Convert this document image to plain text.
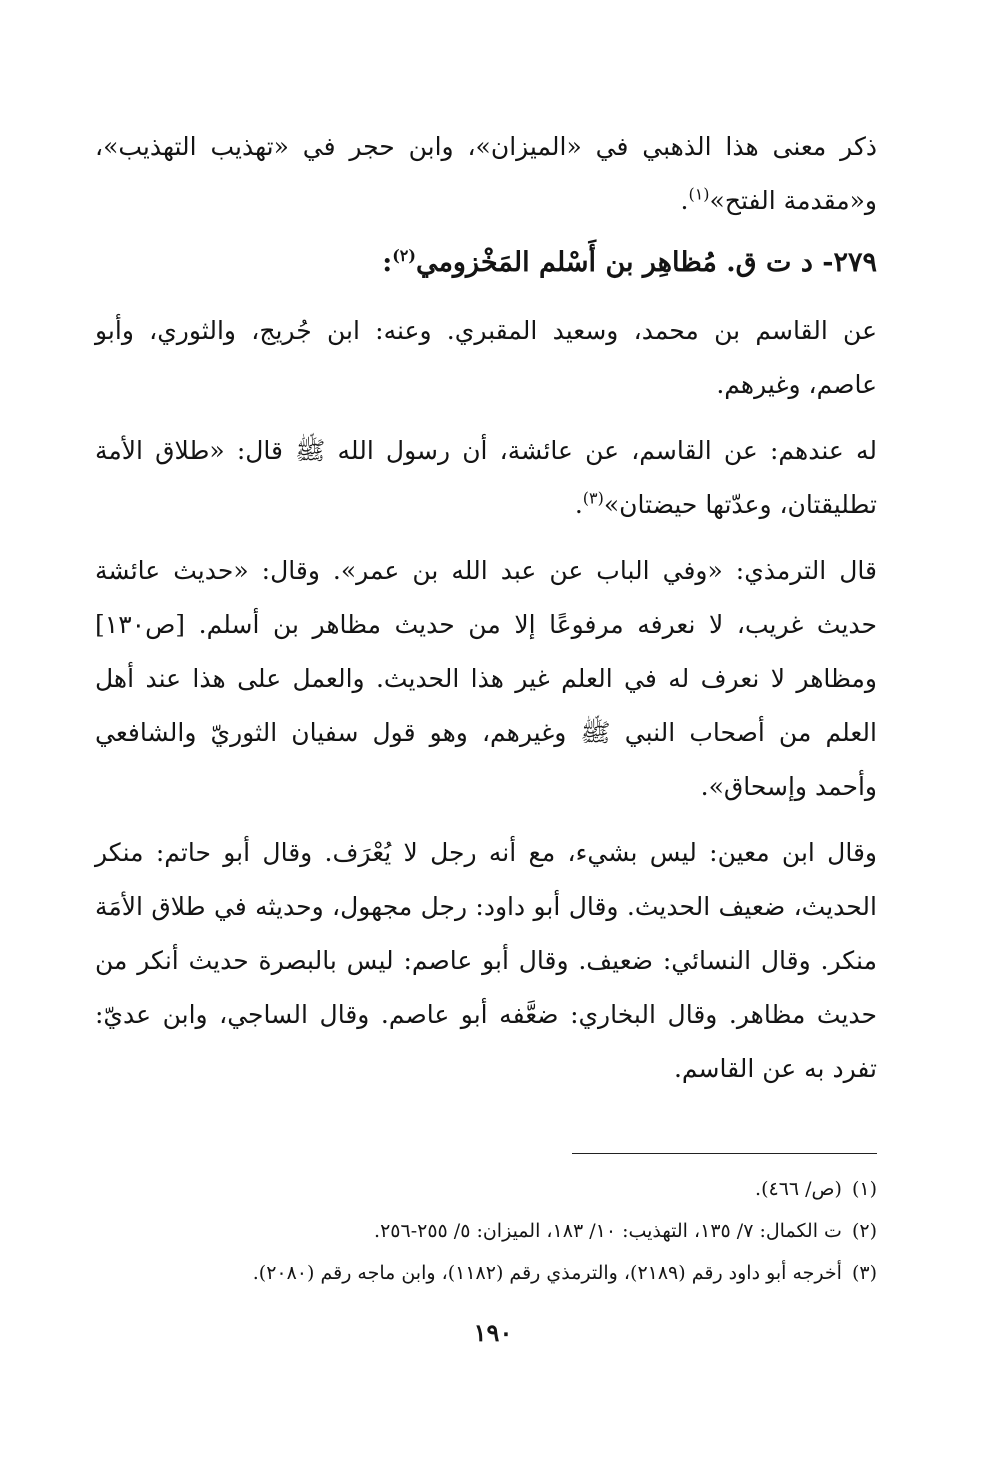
ذكر معنى هذا الذهبي في «الميزان»، وابن حجر في «تهذيب التهذيب»، و«مقدمة الفتح»$^{(١)}$.

٢٧٩- د ت ق. مُظاهِر بن أَسْلم المَخْزومي$^{(٢)}$:

عن القاسم بن محمد، وسعيد المقبري. وعنه: ابن جُريج، والثوري، وأبو عاصم، وغيرهم.

له عندهم: عن القاسم، عن عائشة، أن رسول الله ﷺ قال: «طلاق الأمة تطليقتان، وعدّتها حيضتان»$^{(٣)}$.

قال الترمذي: «وفي الباب عن عبد الله بن عمر». وقال: «حديث عائشة حديث غريب، لا نعرفه مرفوعًا إلا من حديث مظاهر بن أسلم. [ص١٣٠] ومظاهر لا نعرف له في العلم غير هذا الحديث. والعمل على هذا عند أهل العلم من أصحاب النبي ﷺ وغيرهم، وهو قول سفيان الثوريّ والشافعي وأحمد وإسحاق».

وقال ابن معين: ليس بشيء، مع أنه رجل لا يُعْرَف. وقال أبو حاتم: منكر الحديث، ضعيف الحديث. وقال أبو داود: رجل مجهول، وحديثه في طلاق الأمَة منكر. وقال النسائي: ضعيف. وقال أبو عاصم: ليس بالبصرة حديث أنكر من حديث مظاهر. وقال البخاري: ضعَّفه أبو عاصم. وقال الساجي، وابن عديّ: تفرد به عن القاسم.

(١)(ص/ ٤٦٦).
(٢)ت الكمال: ٧/ ١٣٥، التهذيب: ١٠/ ١٨٣، الميزان: ٥/ ٢٥٥-٢٥٦.
(٣)أخرجه أبو داود رقم (٢١٨٩)، والترمذي رقم (١١٨٢)، وابن ماجه رقم (٢٠٨٠).
١٩٠
